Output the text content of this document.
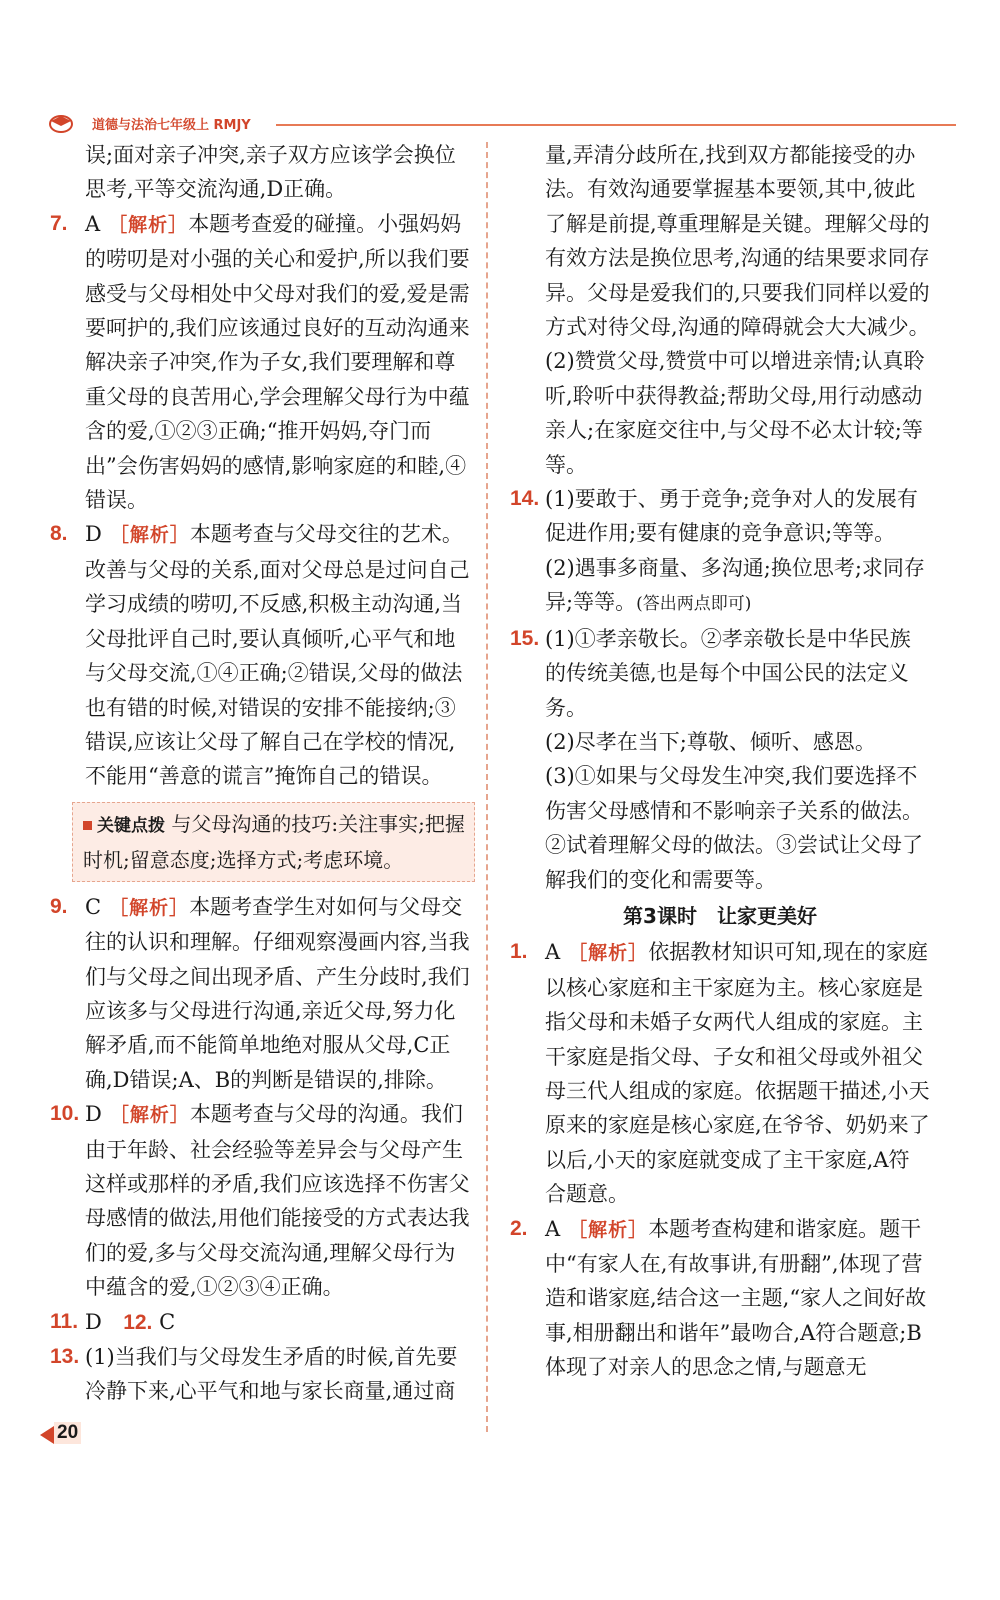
道德与法治七年级上 RMJY

误;面对亲子冲突,亲子双方应该学会换位思考,平等交流沟通,D正确。

7. A ［解析］本题考查爱的碰撞。小强妈妈的唠叨是对小强的关心和爱护,所以我们要感受与父母相处中父母对我们的爱,爱是需要呵护的,我们应该通过良好的互动沟通来解决亲子冲突,作为子女,我们要理解和尊重父母的良苦用心,学会理解父母行为中蕴含的爱,①②③正确;“推开妈妈,夺门而出”会伤害妈妈的感情,影响家庭的和睦,④错误。

8. D ［解析］本题考查与父母交往的艺术。改善与父母的关系,面对父母总是过问自己学习成绩的唠叨,不反感,积极主动沟通,当父母批评自己时,要认真倾听,心平气和地与父母交流,①④正确;②错误,父母的做法也有错的时候,对错误的安排不能接纳;③错误,应该让父母了解自己在学校的情况,不能用“善意的谎言”掩饰自己的错误。

关键点拨 与父母沟通的技巧:关注事实;把握时机;留意态度;选择方式;考虑环境。

9. C ［解析］本题考查学生对如何与父母交往的认识和理解。仔细观察漫画内容,当我们与父母之间出现矛盾、产生分歧时,我们应该多与父母进行沟通,亲近父母,努力化解矛盾,而不能简单地绝对服从父母,C正确,D错误;A、B的判断是错误的,排除。

10. D ［解析］本题考查与父母的沟通。我们由于年龄、社会经验等差异会与父母产生这样或那样的矛盾,我们应该选择不伤害父母感情的做法,用他们能接受的方式表达我们的爱,多与父母交流沟通,理解父母行为中蕴含的爱,①②③④正确。

11. D 12. C

13. (1)当我们与父母发生矛盾的时候,首先要冷静下来,心平气和地与家长商量,通过商

量,弄清分歧所在,找到双方都能接受的办法。有效沟通要掌握基本要领,其中,彼此了解是前提,尊重理解是关键。理解父母的有效方法是换位思考,沟通的结果要求同存异。父母是爱我们的,只要我们同样以爱的方式对待父母,沟通的障碍就会大大减少。

(2)赞赏父母,赞赏中可以增进亲情;认真聆听,聆听中获得教益;帮助父母,用行动感动亲人;在家庭交往中,与父母不必太计较;等等。

14. (1)要敢于、勇于竞争;竞争对人的发展有促进作用;要有健康的竞争意识;等等。
(2)遇事多商量、多沟通;换位思考;求同存异;等等。(答出两点即可)

15. (1)①孝亲敬长。②孝亲敬长是中华民族的传统美德,也是每个中国公民的法定义务。
(2)尽孝在当下;尊敬、倾听、感恩。
(3)①如果与父母发生冲突,我们要选择不伤害父母感情和不影响亲子关系的做法。②试着理解父母的做法。③尝试让父母了解我们的变化和需要等。

第3课时　让家更美好

1. A ［解析］依据教材知识可知,现在的家庭以核心家庭和主干家庭为主。核心家庭是指父母和未婚子女两代人组成的家庭。主干家庭是指父母、子女和祖父母或外祖父母三代人组成的家庭。依据题干描述,小天原来的家庭是核心家庭,在爷爷、奶奶来了以后,小天的家庭就变成了主干家庭,A符合题意。

2. A ［解析］本题考查构建和谐家庭。题干中“有家人在,有故事讲,有册翻”,体现了营造和谐家庭,结合这一主题,“家人之间好故事,相册翻出和谐年”最吻合,A符合题意;B体现了对亲人的思念之情,与题意无

20
